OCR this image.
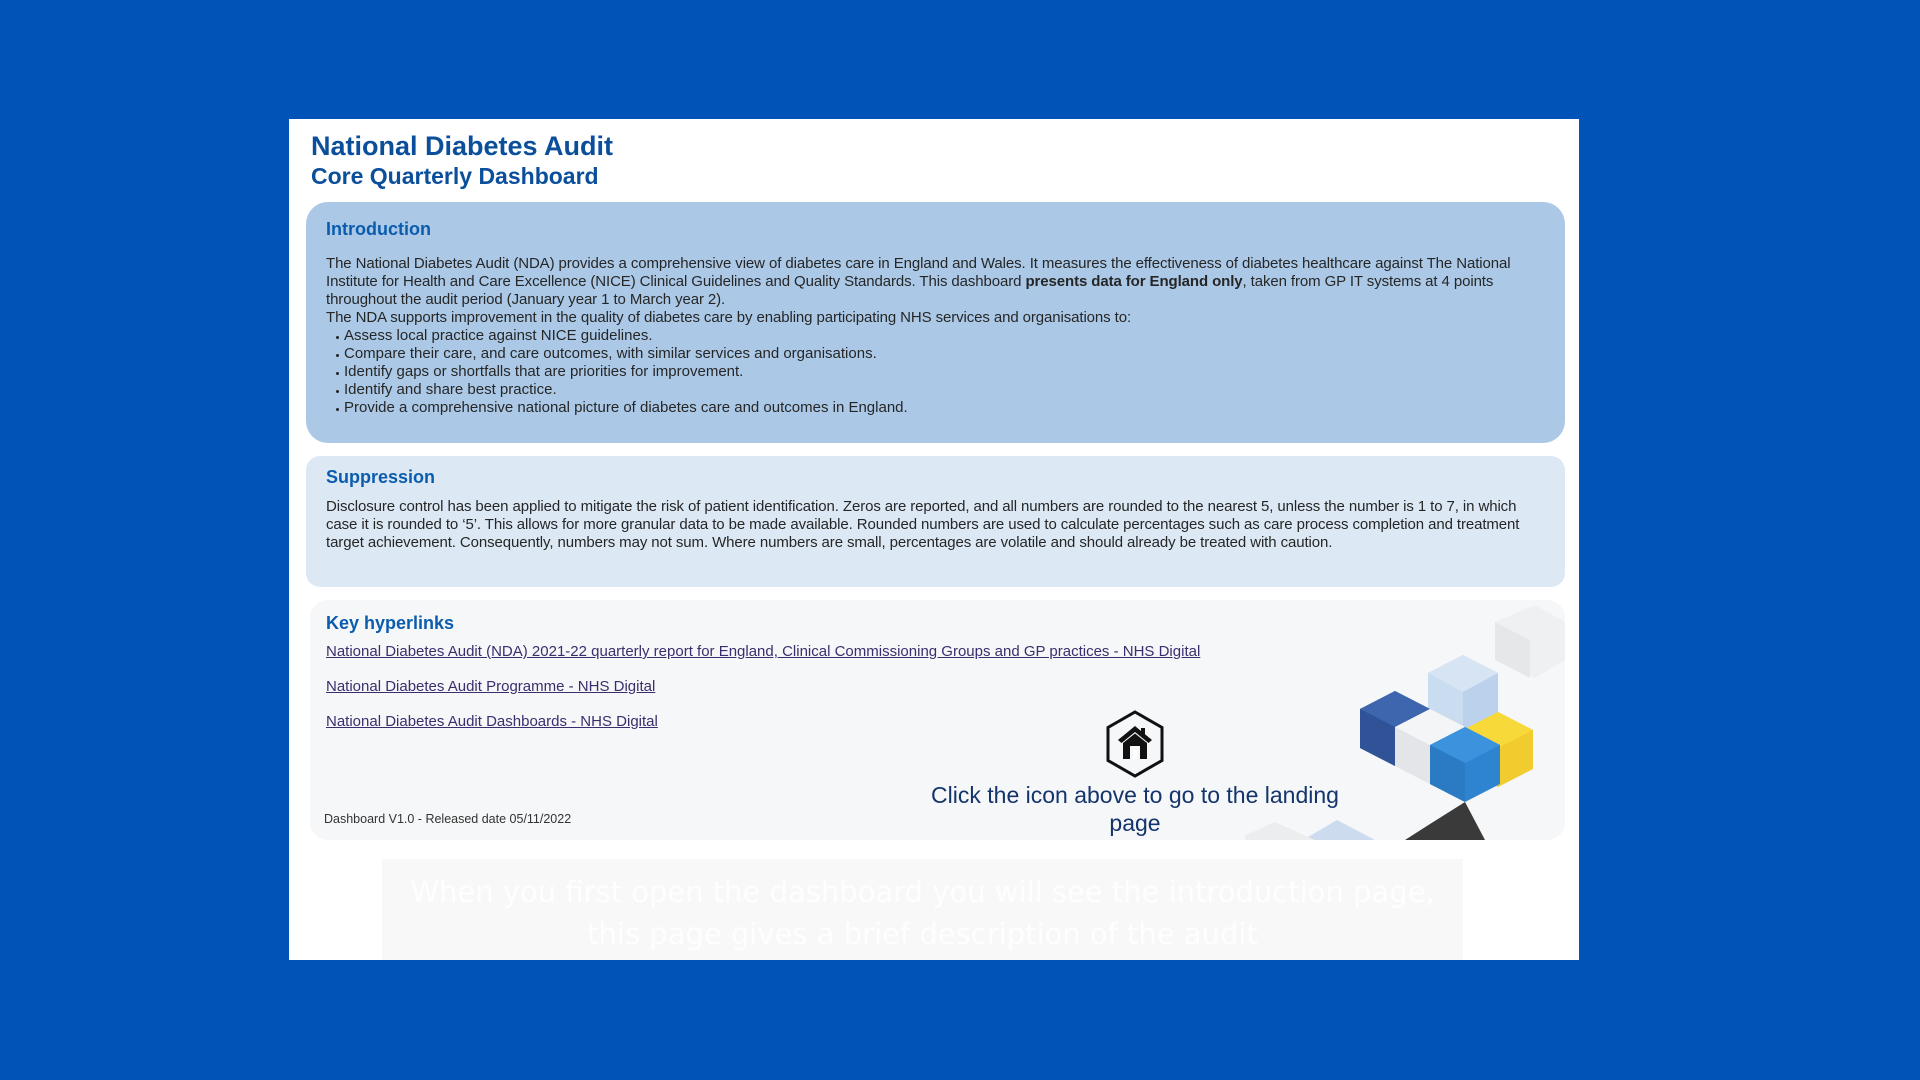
National Diabetes Audit
Core Quarterly Dashboard
Introduction

The National Diabetes Audit (NDA) provides a comprehensive view of diabetes care in England and Wales. It measures the effectiveness of diabetes healthcare against The National Institute for Health and Care Excellence (NICE) Clinical Guidelines and Quality Standards. This dashboard presents data for England only, taken from GP IT systems at 4 points throughout the audit period (January year 1 to March year 2).

The NDA supports improvement in the quality of diabetes care by enabling participating NHS services and organisations to:

Assess local practice against NICE guidelines.
Compare their care, and care outcomes, with similar services and organisations.
Identify gaps or shortfalls that are priorities for improvement.
Identify and share best practice.
Provide a comprehensive national picture of diabetes care and outcomes in England.
Suppression

Disclosure control has been applied to mitigate the risk of patient identification. Zeros are reported, and all numbers are rounded to the nearest 5, unless the number is 1 to 7, in which case it is rounded to ‘5’. This allows for more granular data to be made available. Rounded numbers are used to calculate percentages such as care process completion and treatment target achievement. Consequently, numbers may not sum. Where numbers are small, percentages are volatile and should already be treated with caution.

Key hyperlinks
National Diabetes Audit (NDA) 2021-22 quarterly report for England, Clinical Commissioning Groups and GP practices - NHS Digital
National Diabetes Audit Programme - NHS Digital
National Diabetes Audit Dashboards - NHS Digital
Click the icon above to go to the landing page
Dashboard V1.0 - Released date 05/11/2022
When you first open the dashboard you will see the introduction page, this page gives a brief description of the audit
